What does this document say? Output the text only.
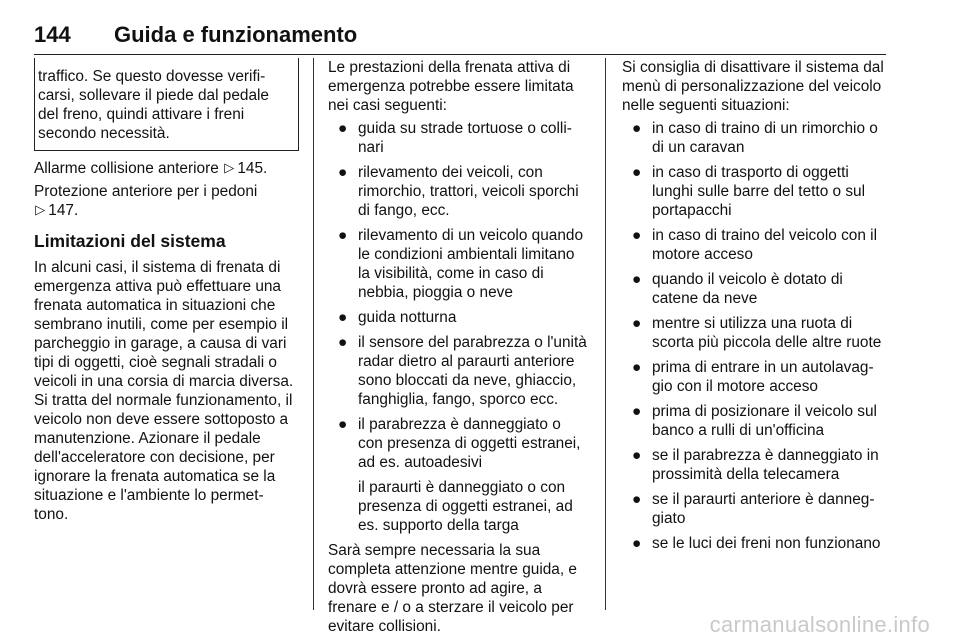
144 Guida e funzionamento

traffico. Se questo dovesse verifi- carsi, sollevare il piede dal pedale del freno, quindi attivare i freni secondo necessità.

Allarme collisione anteriore ▽ 145.

Protezione anteriore per i pedoni
▽ 147.

Limitazioni del sistema

In alcuni casi, il sistema di frenata di emergenza attiva può effettuare una frenata automatica in situazioni che sembrano inutili, come per esempio il parcheggio in garage, a causa di vari tipi di oggetti, cioè segnali stradali o veicoli in una corsia di marcia diversa. Si tratta del normale funzionamento, il veicolo non deve essere sottoposto a manutenzione. Azionare il pedale dell'acceleratore con decisione, per ignorare la frenata automatica se la situazione e l'ambiente lo permet- tono.

Le prestazioni della frenata attiva di emergenza potrebbe essere limitata nei casi seguenti:

● guida su strade tortuose o colli- nari
● rilevamento dei veicoli, con rimorchio, trattori, veicoli sporchi di fango, ecc.
● rilevamento di un veicolo quando le condizioni ambientali limitano la visibilità, come in caso di nebbia, pioggia o neve
● guida notturna
● il sensore del parabrezza o l'unità radar dietro al paraurti anteriore sono bloccati da neve, ghiaccio, fanghiglia, fango, sporco ecc.
● il parabrezza è danneggiato o con presenza di oggetti estranei, ad es. autoadesivi

il paraurti è danneggiato o con presenza di oggetti estranei, ad es. supporto della targa

Sarà sempre necessaria la sua completa attenzione mentre guida, e dovrà essere pronto ad agire, a frenare e / o a sterzare il veicolo per evitare collisioni.

Si consiglia di disattivare il sistema dal menù di personalizzazione del veicolo nelle seguenti situazioni:

● in caso di traino di un rimorchio o di un caravan
● in caso di trasporto di oggetti lunghi sulle barre del tetto o sul portapacchi
● in caso di traino del veicolo con il motore acceso
● quando il veicolo è dotato di catene da neve
● mentre si utilizza una ruota di scorta più piccola delle altre ruote
● prima di entrare in un autolavag- gio con il motore acceso
● prima di posizionare il veicolo sul banco a rulli di un'officina
● se il parabrezza è danneggiato in prossimità della telecamera
● se il paraurti anteriore è danneg- giato
● se le luci dei freni non funzionano
carmanualsonline.info
